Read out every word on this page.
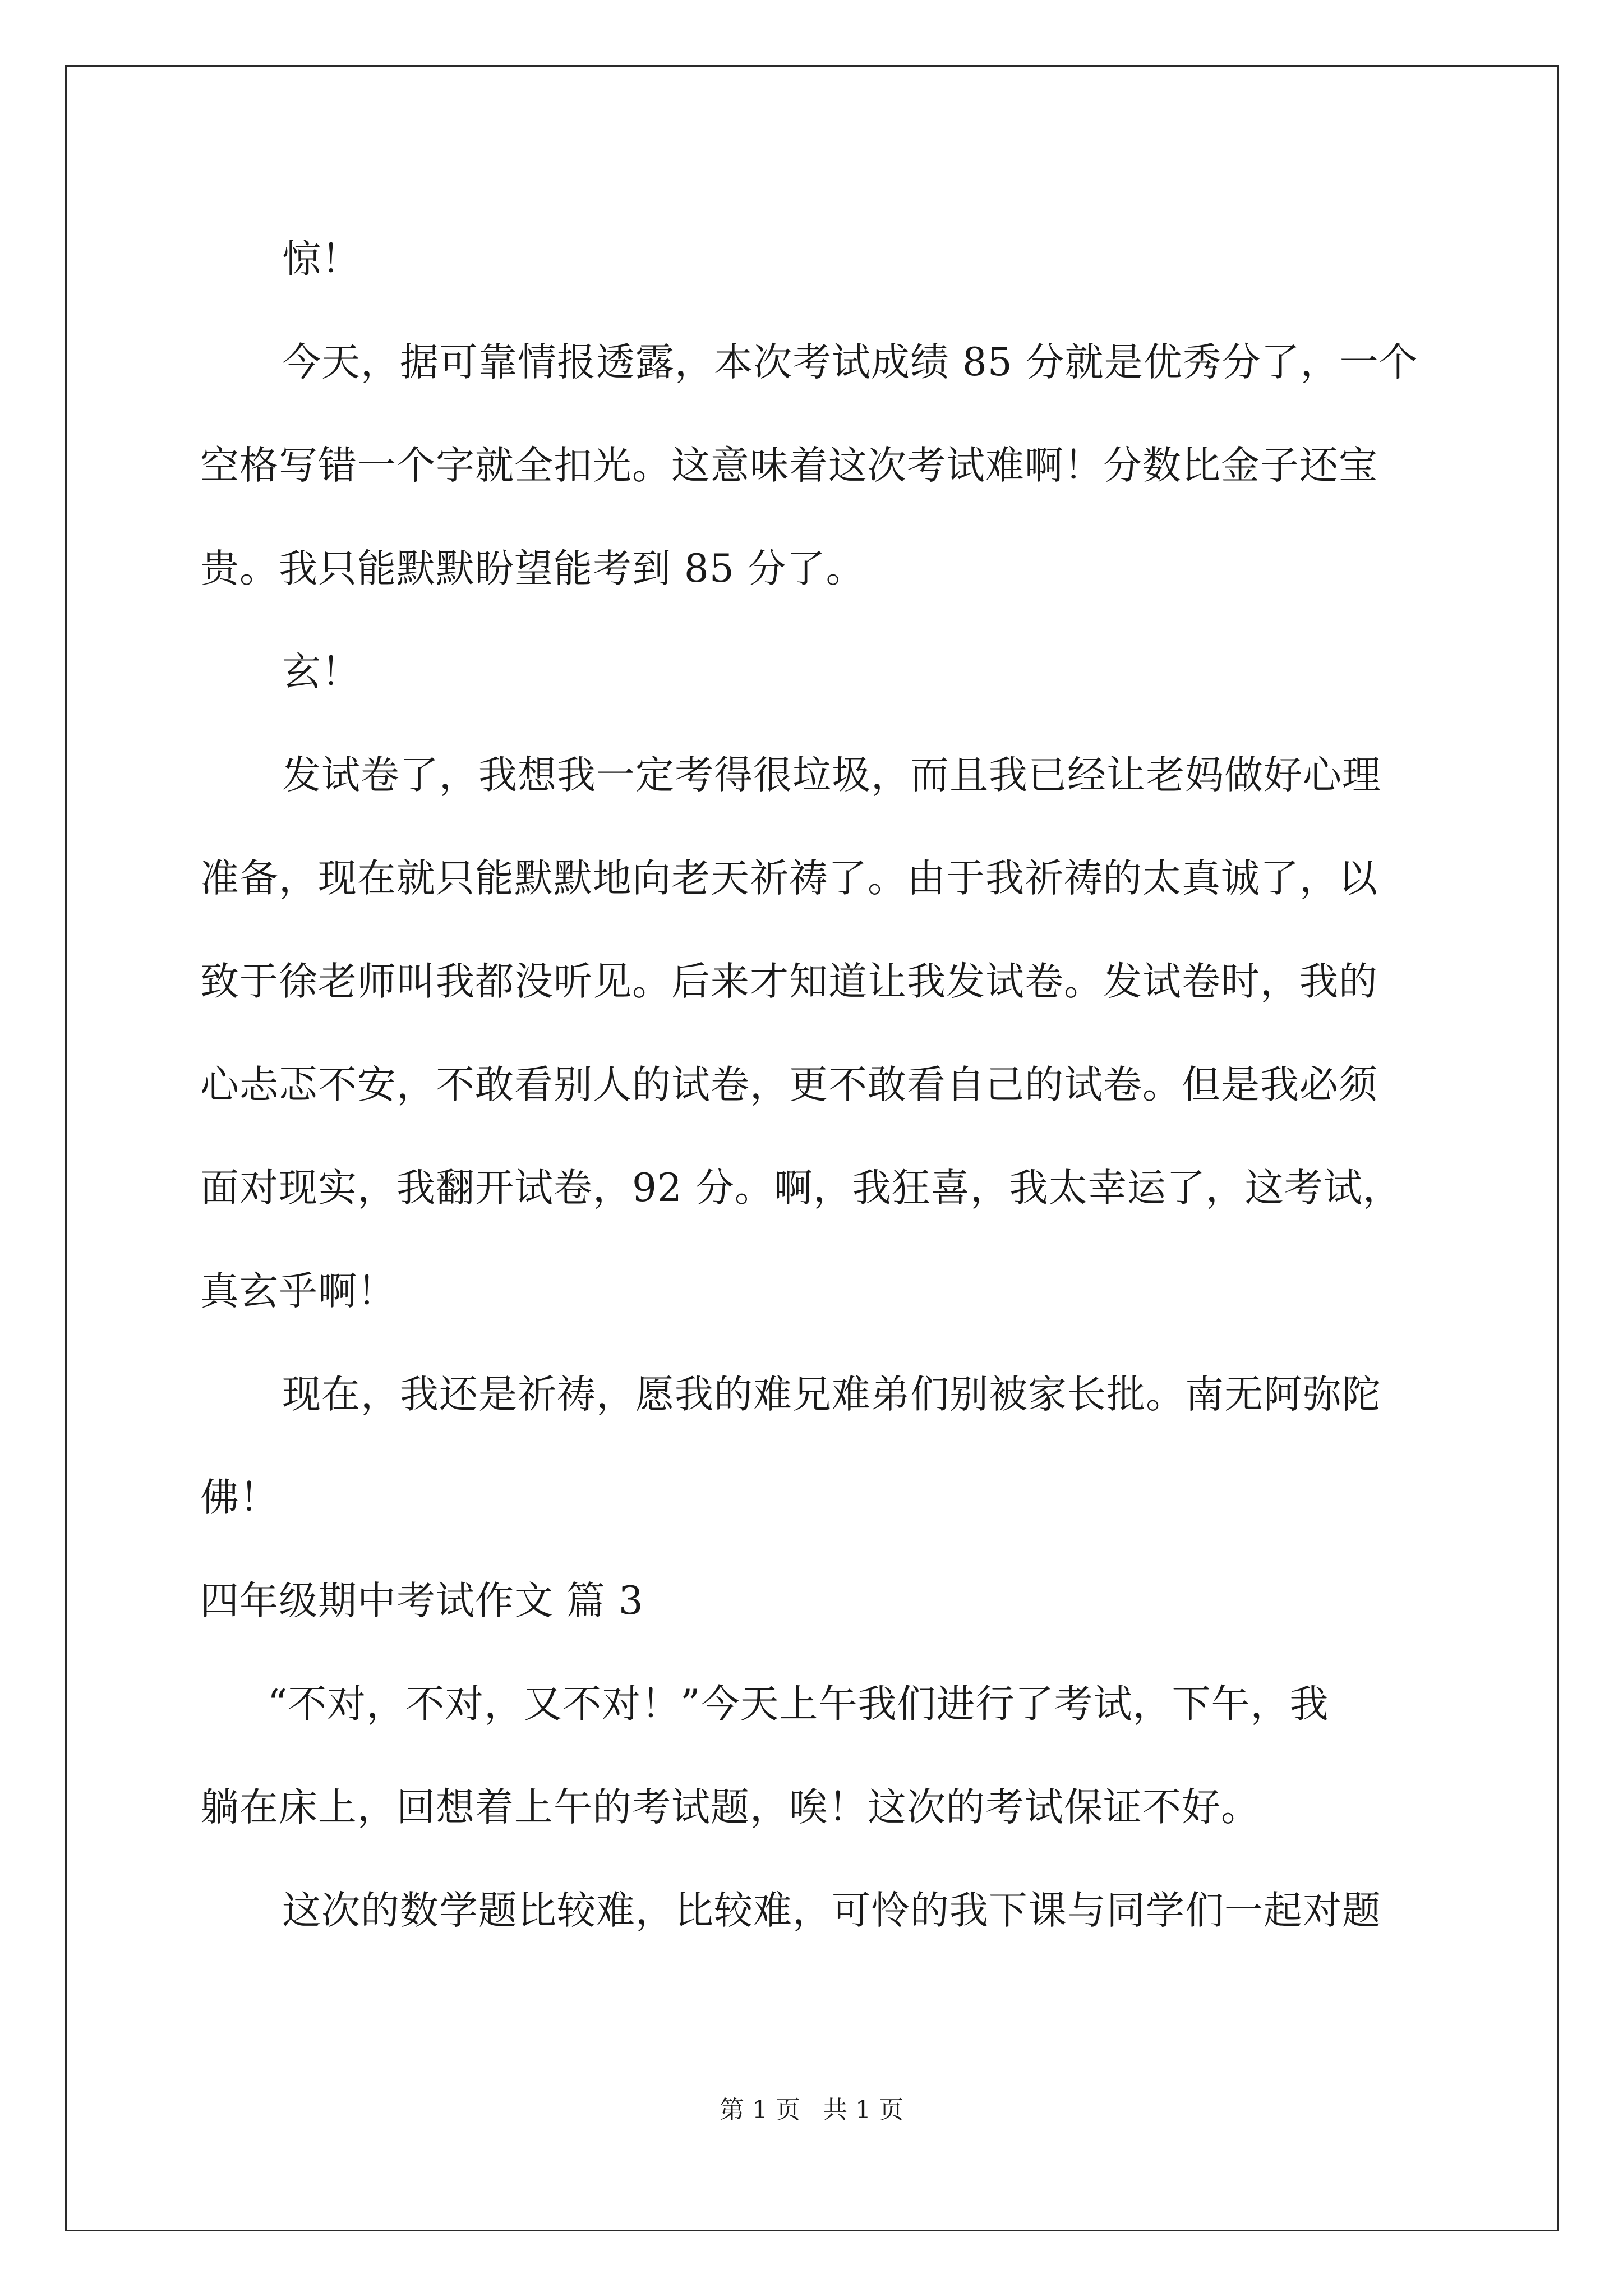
惊！

今天，据可靠情报透露，本次考试成绩 85 分就是优秀分了，一个

空格写错一个字就全扣光。这意味着这次考试难啊！分数比金子还宝

贵。我只能默默盼望能考到 85 分了。

玄！

发试卷了，我想我一定考得很垃圾，而且我已经让老妈做好心理

准备，现在就只能默默地向老天祈祷了。由于我祈祷的太真诚了，以

致于徐老师叫我都没听见。后来才知道让我发试卷。发试卷时，我的

心忐忑不安，不敢看别人的试卷，更不敢看自己的试卷。但是我必须

面对现实，我翻开试卷，92 分。啊，我狂喜，我太幸运了，这考试，

真玄乎啊！

现在，我还是祈祷，愿我的难兄难弟们别被家长批。南无阿弥陀

佛！

四年级期中考试作文 篇 3

“不对，不对，又不对！”今天上午我们进行了考试，下午，我

躺在床上，回想着上午的考试题，唉！这次的考试保证不好。

这次的数学题比较难，比较难，可怜的我下课与同学们一起对题

第 1 页 共 1 页
